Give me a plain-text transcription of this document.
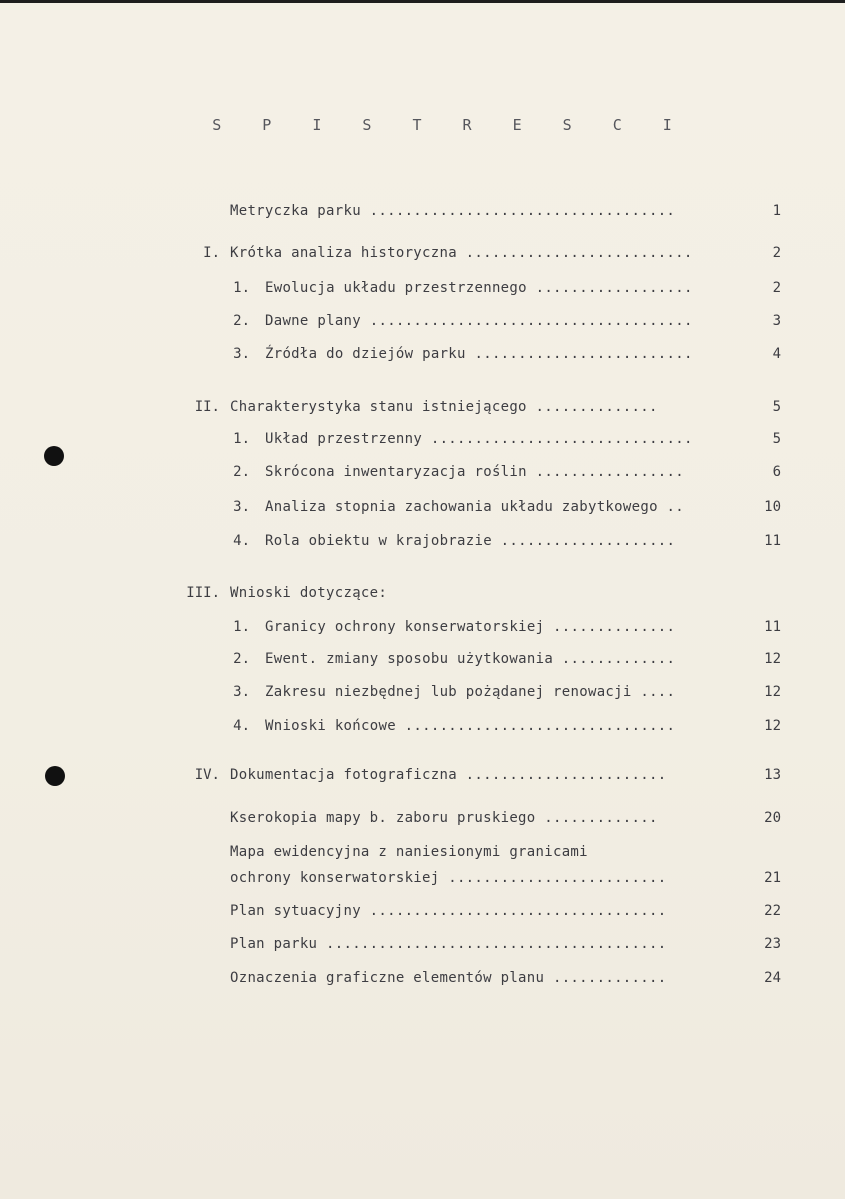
S P I S T R E S C I
Metryczka parku ...................................	1
I. Krótka analiza historyczna ..........................	2
1. Ewolucja układu przestrzennego ..................	2
2. Dawne plany .....................................	3
3. Źródła do dziejów parku .........................	4
II. Charakterystyka stanu istniejącego ..............	5
1. Układ przestrzenny ..............................	5
2. Skrócona inwentaryzacja roślin .................	6
3. Analiza stopnia zachowania układu zabytkowego ..	10
4. Rola obiektu w krajobrazie ....................	11
III. Wnioski dotyczące:
1. Granicy ochrony konserwatorskiej ..............	11
2. Ewent. zmiany sposobu użytkowania .............	12
3. Zakresu niezbędnej lub pożądanej renowacji ....	12
4. Wnioski końcowe ...............................	12
IV. Dokumentacja fotograficzna .......................	13
Kserokopia mapy b. zaboru pruskiego .............	20
Mapa ewidencyjna z naniesionymi granicami
ochrony konserwatorskiej .........................	21
Plan sytuacyjny ..................................	22
Plan parku .......................................	23
Oznaczenia graficzne elementów planu .............	24
